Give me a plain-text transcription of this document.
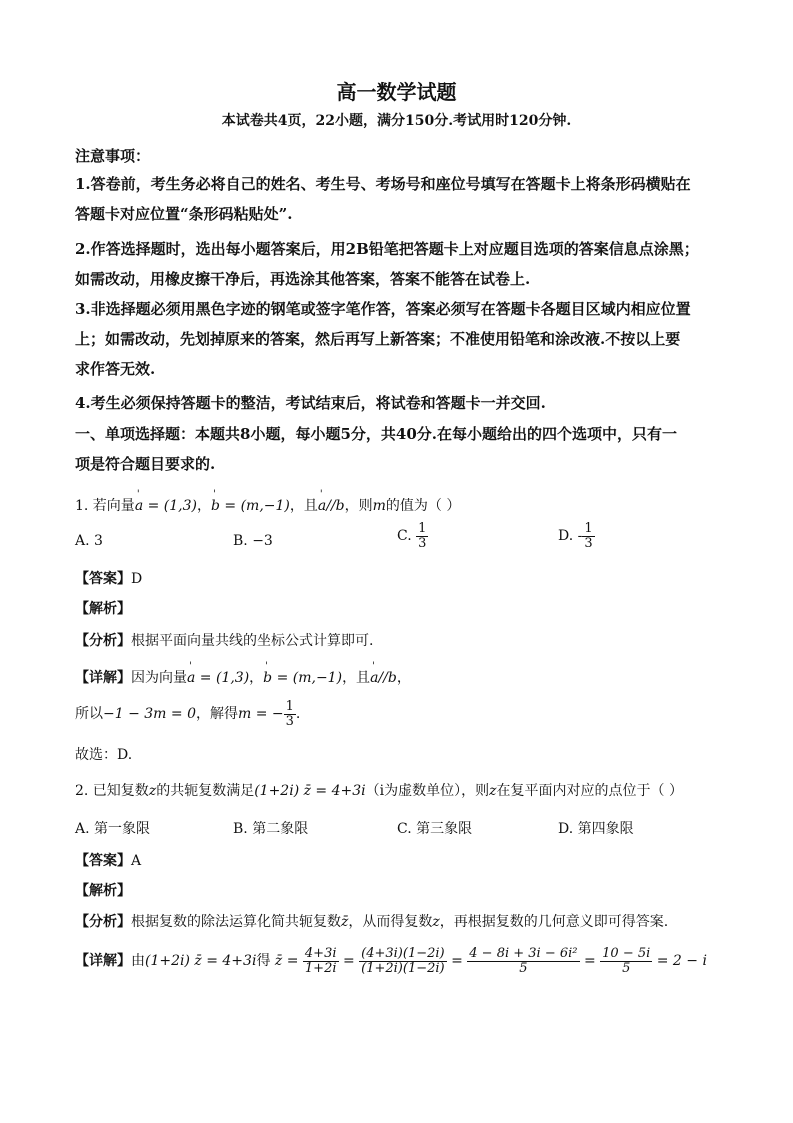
高一数学试题
本试卷共4页，22小题，满分150分.考试用时120分钟.
注意事项：
1.答卷前，考生务必将自己的姓名、考生号、考场号和座位号填写在答题卡上将条形码横贴在
答题卡对应位置“条形码粘贴处”.
2.作答选择题时，选出每小题答案后，用2B铅笔把答题卡上对应题目选项的答案信息点涂黑；
如需改动，用橡皮擦干净后，再选涂其他答案，答案不能答在试卷上.
3.非选择题必须用黑色字迹的钢笔或签字笔作答，答案必须写在答题卡各题目区域内相应位置
上；如需改动，先划掉原来的答案，然后再写上新答案；不准使用铅笔和涂改液.不按以上要
求作答无效.
4.考生必须保持答题卡的整洁，考试结束后，将试卷和答题卡一并交回.
一、单项选择题：本题共8小题，每小题5分，共40分.在每小题给出的四个选项中，只有一
项是符合题目要求的.
1. 若向量' a = (1,3)，' b = (m,−1)，且' a//b，则m的值为（ ）
A. 3	B. −3	C. $\frac{1}{3}$	D. - $\frac{1}{3}$
【答案】D
【解析】
【分析】根据平面向量共线的坐标公式计算即可.
【详解】因为向量' a = (1,3)，' b = (m,−1)，且' a//b，
所以−1 − 3m = 0，解得m = − $\frac{1}{3}$ .
故选：D.
2. 已知复数z的共轭复数满足(1+2i) z̄ = 4+3i（i为虚数单位），则z在复平面内对应的点位于（ ）
A. 第一象限	B. 第二象限	C. 第三象限	D. 第四象限
【答案】A
【解析】
【分析】根据复数的除法运算化简共轭复数z̄，从而得复数z，再根据复数的几何意义即可得答案.
【详解】由(1+2i) z̄ = 4+3i得 z̄ = $\frac{4+3i}{1+2i} = \frac{(4+3i)(1-2i)}{(1+2i)(1-2i)} = \frac{\text{4 − 8i + 3i − 6i²}}{5} = \frac{10 - 5i}{5} = 2 - i$
